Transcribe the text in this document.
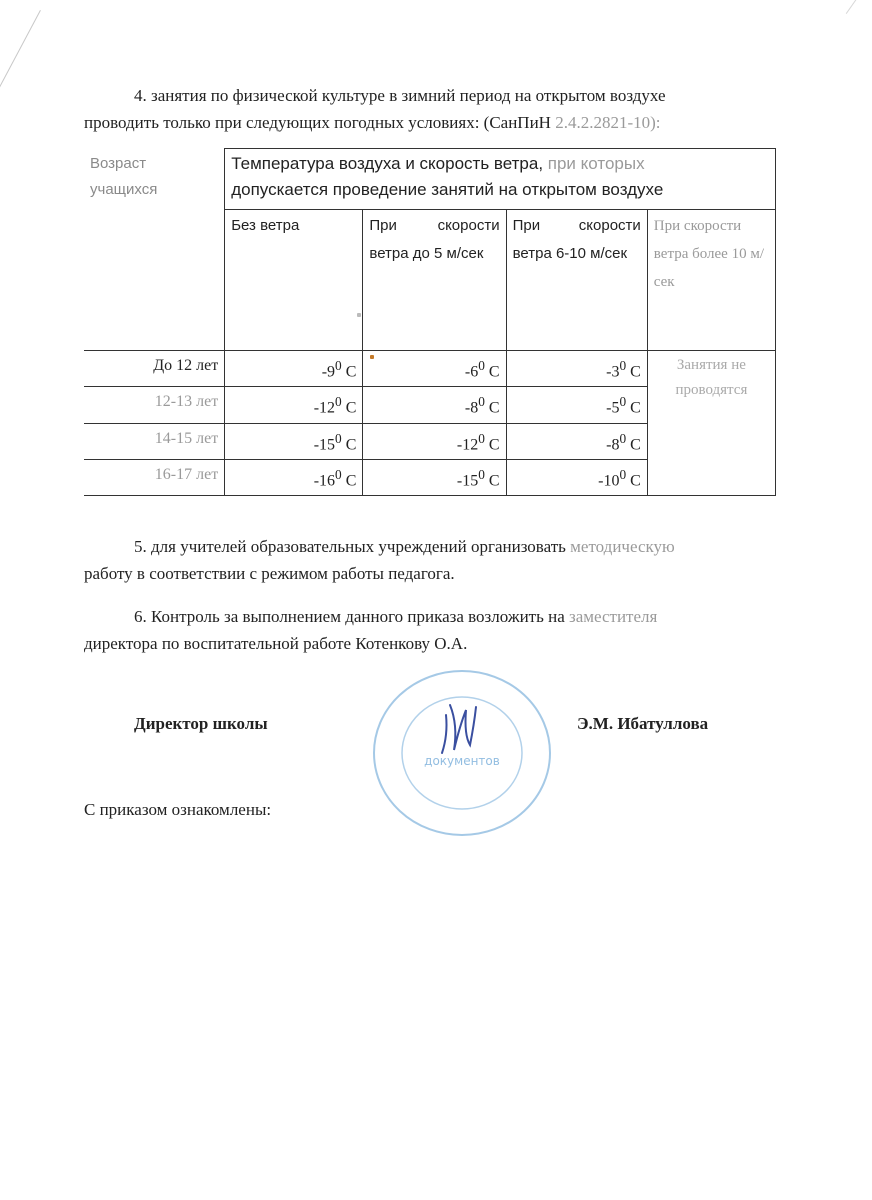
4. занятия по физической культуре в зимний период на открытом воздухе
проводить только при следующих погодных условиях: (СанПиН 2.4.2.2821-10):
Возраст
учащихся	Температура воздуха и скорость ветра, при которых
допускается проведение занятий на открытом воздухе			
	Без ветра	При скорости ветра до 5 м/сек	При скорости ветра 6-10 м/сек	При скорости ветра более 10 м/сек
До 12 лет	$-9^0$ С	$-6^0$ С	$-3^0$ С	Занятия не
проводятся
12-13 лет	$-12^0$ С	$-8^0$ С	$-5^0$ С	
14-15 лет	$-15^0$ С	$-12^0$ С	$-8^0$ С	
16-17 лет	$-16^0$ С	$-15^0$ С	$-10^0$ С	
5. для учителей образовательных учреждений организовать методическую
работу в соответствии с режимом работы педагога.
6. Контроль за выполнением данного приказа возложить на заместителя
директора по воспитательной работе Котенкову О.А.
документов
Директор школы	Э.М. Ибатуллова
С приказом ознакомлены:
